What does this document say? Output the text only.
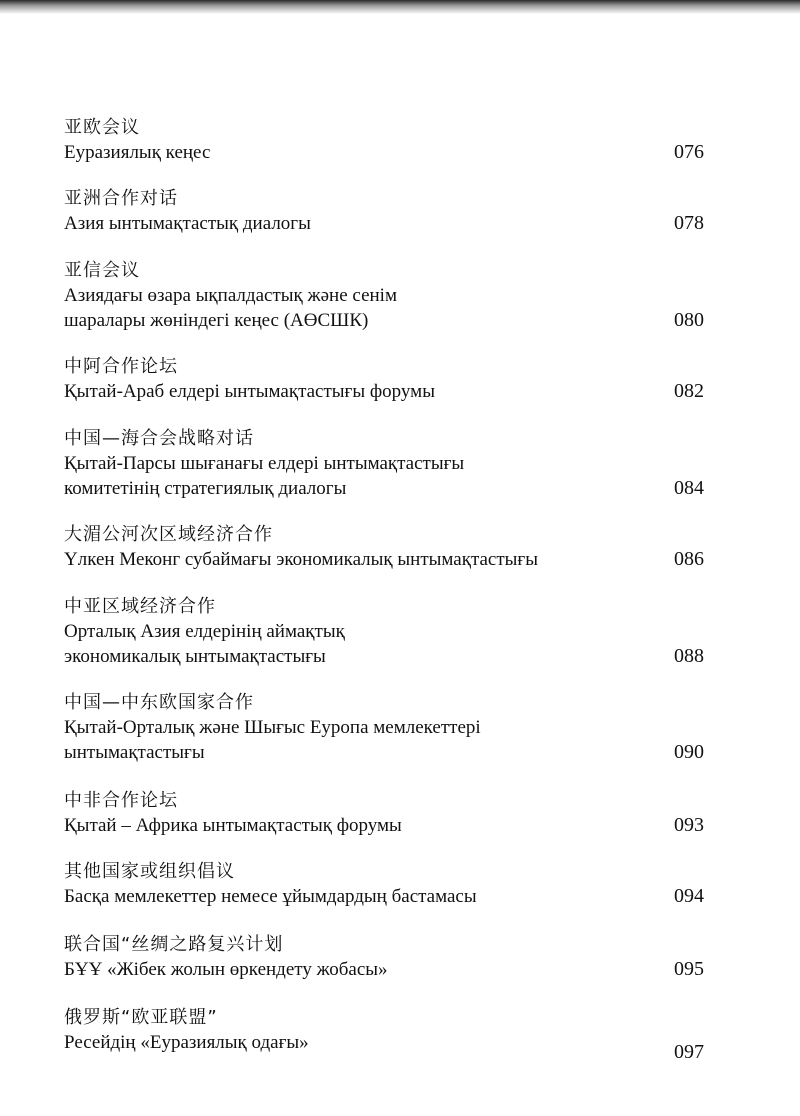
亚欧会议
Еуразиялық кеңес	076
亚洲合作对话
Азия ынтымақтастық диалогы	078
亚信会议
Азиядағы өзара ықпалдастық және сенім
шаралары жөніндегі кеңес (АӨСШК)	080
中阿合作论坛
Қытай-Араб елдері ынтымақтастығы форумы	082
中国—海合会战略对话
Қытай-Парсы шығанағы елдері ынтымақтастығы
комитетінің стратегиялық диалогы	084
大湄公河次区域经济合作
Үлкен Меконг субаймағы экономикалық ынтымақтастығы	086
中亚区域经济合作
Орталық Азия елдерінің аймақтық
экономикалық ынтымақтастығы	088
中国—中东欧国家合作
Қытай-Орталық және Шығыс Еуропа мемлекеттері
ынтымақтастығы	090
中非合作论坛
Қытай – Африка ынтымақтастық форумы	093
其他国家或组织倡议
Басқа мемлекеттер немесе ұйымдардың бастамасы	094
联合国“丝绸之路复兴计划
БҰҰ «Жібек жолын өркендету жобасы»	095
俄罗斯“欧亚联盟”
Ресейдің «Еуразиялық одағы»	097
